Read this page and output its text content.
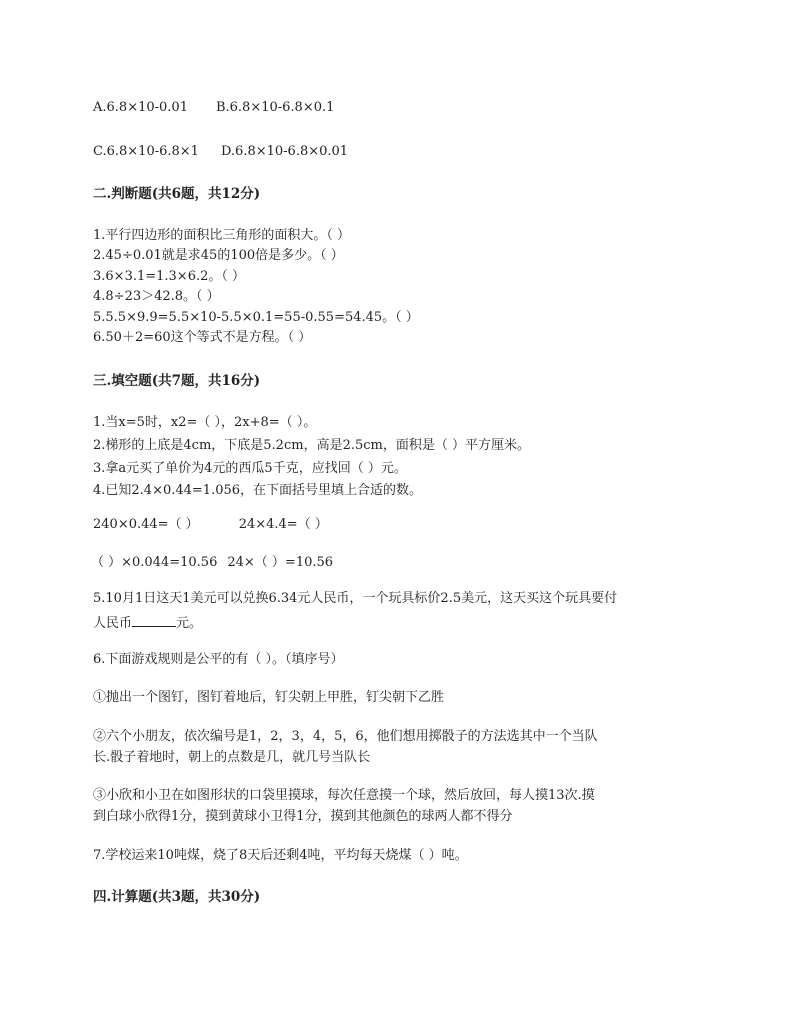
A.6.8×10-0.01 B.6.8×10-6.8×0.1
C.6.8×10-6.8×1 D.6.8×10-6.8×0.01
二.判断题(共6题，共12分)
1.平行四边形的面积比三角形的面积大。（ ）
2.45÷0.01就是求45的100倍是多少。（ ）
3.6×3.1=1.3×6.2。（ ）
4.8÷23＞42.8。（ ）
5.5.5×9.9=5.5×10-5.5×0.1=55-0.55=54.45。（ ）
6.50＋2=60这个等式不是方程。（ ）
三.填空题(共7题，共16分)
1.当x=5时，x2=（ ），2x+8=（ ）。
2.梯形的上底是4cm，下底是5.2cm，高是2.5cm，面积是（ ）平方厘米。
3.拿a元买了单价为4元的西瓜5千克，应找回（ ）元。
4.已知2.4×0.44=1.056，在下面括号里填上合适的数。
240×0.44=（ ）	24×4.4=（ ）
（ ）×0.044=10.56 24×（ ）=10.56
5.10月1日这天1美元可以兑换6.34元人民币，一个玩具标价2.5美元，这天买这个玩具要付
人民币	元。
6.下面游戏规则是公平的有（ ）。（填序号）
①抛出一个图钉，图钉着地后，钉尖朝上甲胜，钉尖朝下乙胜
②六个小朋友，依次编号是1，2，3，4，5，6，他们想用掷骰子的方法选其中一个当队
长.骰子着地时，朝上的点数是几，就几号当队长
③小欣和小卫在如图形状的口袋里摸球，每次任意摸一个球，然后放回，每人摸13次.摸
到白球小欣得1分，摸到黄球小卫得1分，摸到其他颜色的球两人都不得分
7.学校运来10吨煤，烧了8天后还剩4吨，平均每天烧煤（ ）吨。
四.计算题(共3题，共30分)
